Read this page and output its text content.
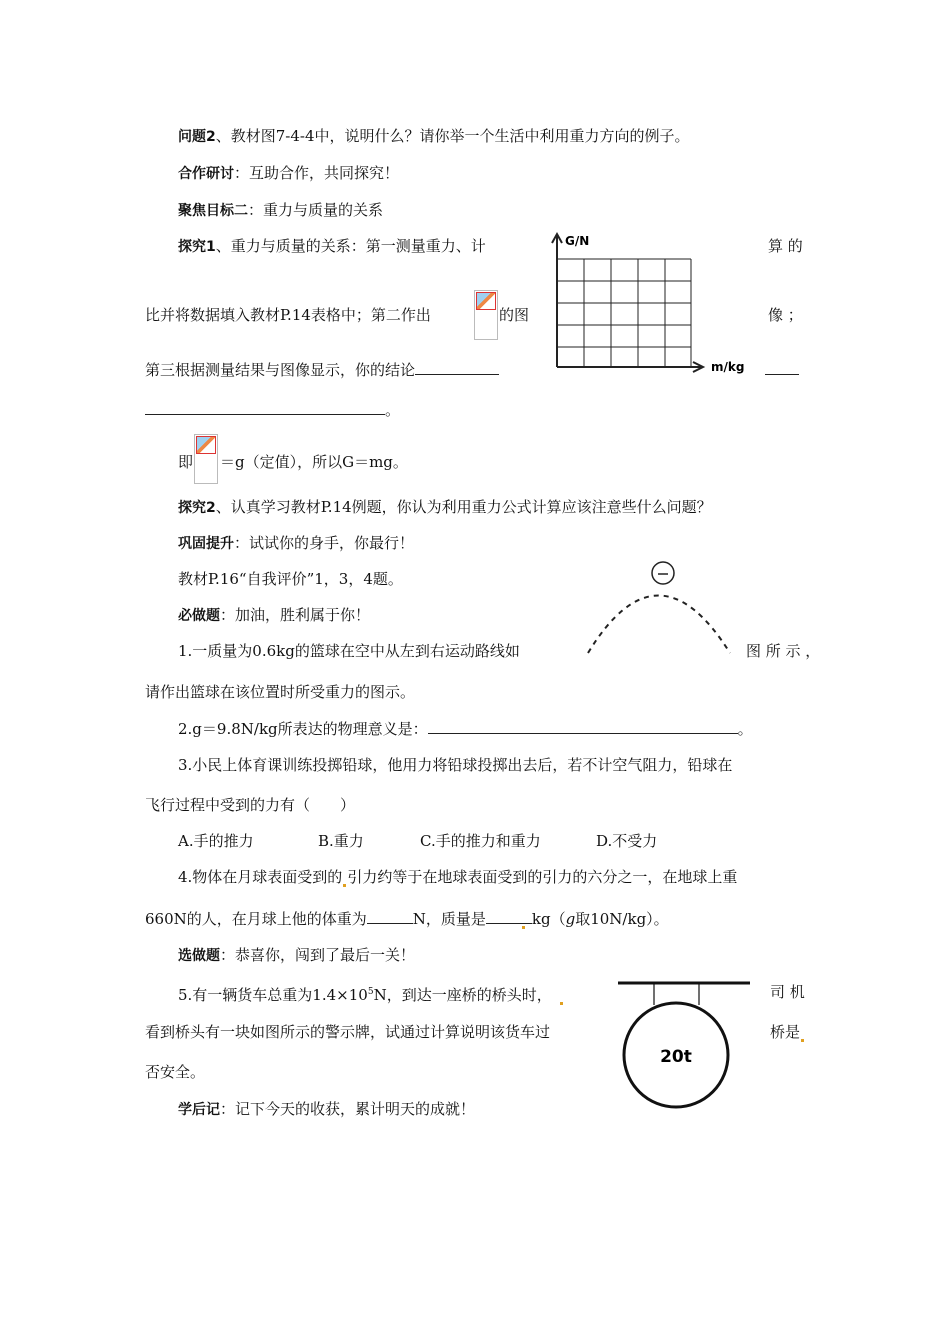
问题2、教材图7-4-4中，说明什么？请你举一个生活中利用重力方向的例子。
合作研讨：互助合作，共同探究！
聚焦目标二：重力与质量的关系
探究1、重力与质量的关系：第一测量重力、计	算 的
比并将数据填入教材P.14表格中；第二作出	的图	像 ；
第三根据测量结果与图像显示，你的结论
。
即 ＝g（定值），所以G＝mg。
G/N
m/kg
探究2、认真学习教材P.14例题，你认为利用重力公式计算应该注意些什么问题？
巩固提升：试试你的身手，你最行！
教材P.16“自我评价”1，3，4题。
必做题：加油，胜利属于你！
1.一质量为0.6kg的篮球在空中从左到右运动路线如	图 所 示 ，
请作出篮球在该位置时所受重力的图示。
2.g＝9.8N/kg所表达的物理意义是：	。
3.小民上体育课训练投掷铅球，他用力将铅球投掷出去后，若不计空气阻力，铅球在
飞行过程中受到的力有（　　）
A.手的推力	B.重力	C.手的推力和重力	D.不受力
4.物体在月球表面受到的 引力约等于在地球表面受到的引力的六分之一，在地球上重
660N的人，在月球上他的体重为	N，质量是	kg（g取10N/kg）。
选做题：恭喜你，闯到了最后一关！
5.有一辆货车总重为$1.4\times 10^5N$，到达一座桥的桥头时，	司 机
看到桥头有一块如图所示的警示牌，试通过计算说明该货车过	桥是
否安全。
20t
学后记：记下今天的收获，累计明天的成就！
